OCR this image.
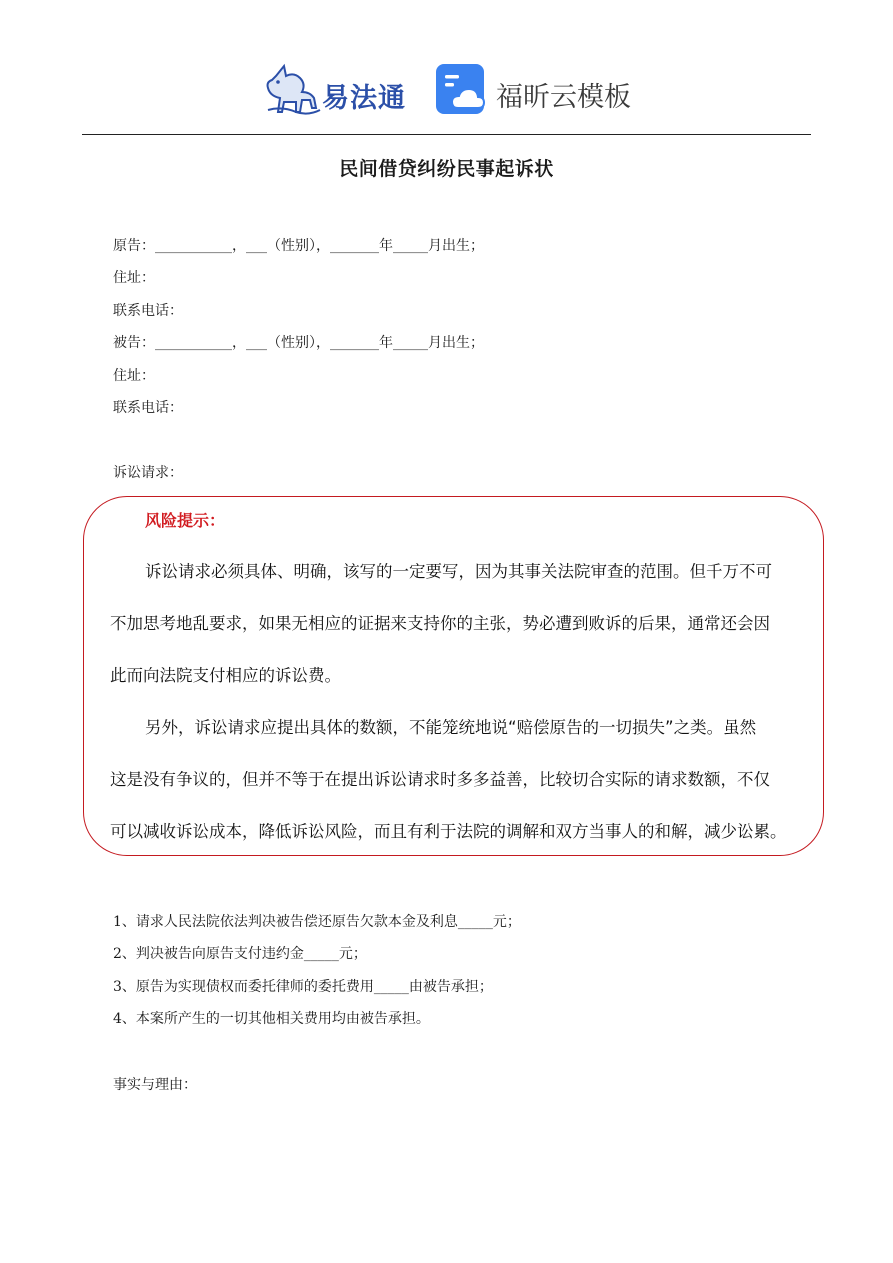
易法通	福昕云模板
民间借贷纠纷民事起诉状
原告：___________，___（性别），_______年_____月出生；
住址：
联系电话：
被告：___________，___（性别），_______年_____月出生；
住址：
联系电话：
诉讼请求：
风险提示：
诉讼请求必须具体、明确，该写的一定要写，因为其事关法院审查的范围。但千万不可
不加思考地乱要求，如果无相应的证据来支持你的主张，势必遭到败诉的后果，通常还会因
此而向法院支付相应的诉讼费。
另外，诉讼请求应提出具体的数额，不能笼统地说“赔偿原告的一切损失”之类。虽然
这是没有争议的，但并不等于在提出诉讼请求时多多益善，比较切合实际的请求数额，不仅
可以减收诉讼成本，降低诉讼风险，而且有利于法院的调解和双方当事人的和解，减少讼累。
1、请求人民法院依法判决被告偿还原告欠款本金及利息_____元；
2、判决被告向原告支付违约金_____元；
3、原告为实现债权而委托律师的委托费用_____由被告承担；
4、本案所产生的一切其他相关费用均由被告承担。
事实与理由：
